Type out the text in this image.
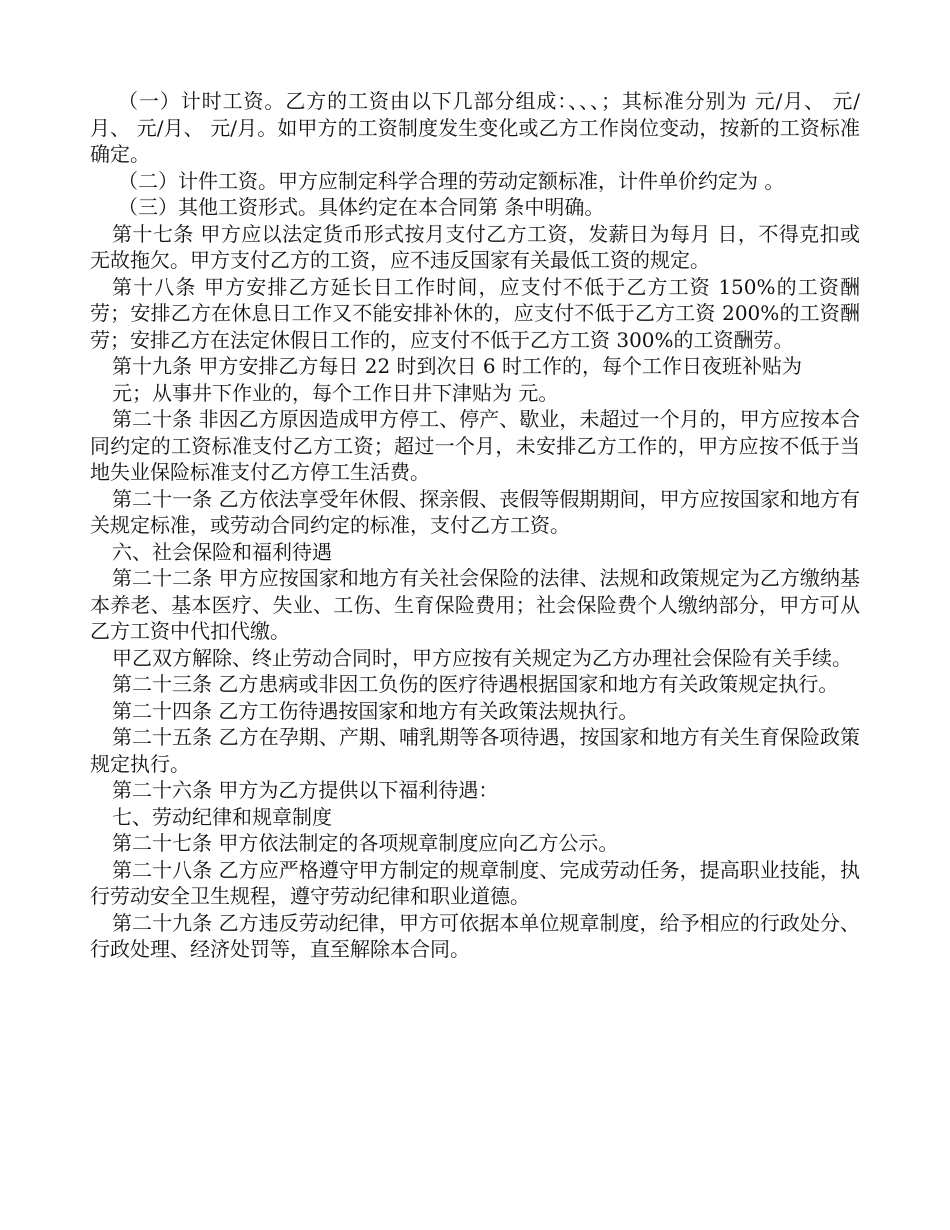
（一）计时工资。乙方的工资由以下几部分组成：、、、；其标准分别为 元/月、 元/月、 元/月、 元/月。如甲方的工资制度发生变化或乙方工作岗位变动，按新的工资标准确定。

（二）计件工资。甲方应制定科学合理的劳动定额标准，计件单价约定为 。

（三）其他工资形式。具体约定在本合同第 条中明确。

第十七条 甲方应以法定货币形式按月支付乙方工资，发薪日为每月 日，不得克扣或无故拖欠。甲方支付乙方的工资，应不违反国家有关最低工资的规定。

第十八条 甲方安排乙方延长日工作时间，应支付不低于乙方工资 150%的工资酬劳；安排乙方在休息日工作又不能安排补休的，应支付不低于乙方工资 200%的工资酬劳；安排乙方在法定休假日工作的，应支付不低于乙方工资 300%的工资酬劳。

第十九条 甲方安排乙方每日 22 时到次日 6 时工作的，每个工作日夜班补贴为

元；从事井下作业的，每个工作日井下津贴为 元。

第二十条 非因乙方原因造成甲方停工、停产、歇业，未超过一个月的，甲方应按本合同约定的工资标准支付乙方工资；超过一个月，未安排乙方工作的，甲方应按不低于当地失业保险标准支付乙方停工生活费。

第二十一条 乙方依法享受年休假、探亲假、丧假等假期期间，甲方应按国家和地方有关规定标准，或劳动合同约定的标准，支付乙方工资。

六、社会保险和福利待遇

第二十二条 甲方应按国家和地方有关社会保险的法律、法规和政策规定为乙方缴纳基本养老、基本医疗、失业、工伤、生育保险费用；社会保险费个人缴纳部分，甲方可从乙方工资中代扣代缴。

甲乙双方解除、终止劳动合同时，甲方应按有关规定为乙方办理社会保险有关手续。

第二十三条 乙方患病或非因工负伤的医疗待遇根据国家和地方有关政策规定执行。

第二十四条 乙方工伤待遇按国家和地方有关政策法规执行。

第二十五条 乙方在孕期、产期、哺乳期等各项待遇，按国家和地方有关生育保险政策规定执行。

第二十六条 甲方为乙方提供以下福利待遇：

七、劳动纪律和规章制度

第二十七条 甲方依法制定的各项规章制度应向乙方公示。

第二十八条 乙方应严格遵守甲方制定的规章制度、完成劳动任务，提高职业技能，执行劳动安全卫生规程，遵守劳动纪律和职业道德。

第二十九条 乙方违反劳动纪律，甲方可依据本单位规章制度，给予相应的行政处分、行政处理、经济处罚等，直至解除本合同。
